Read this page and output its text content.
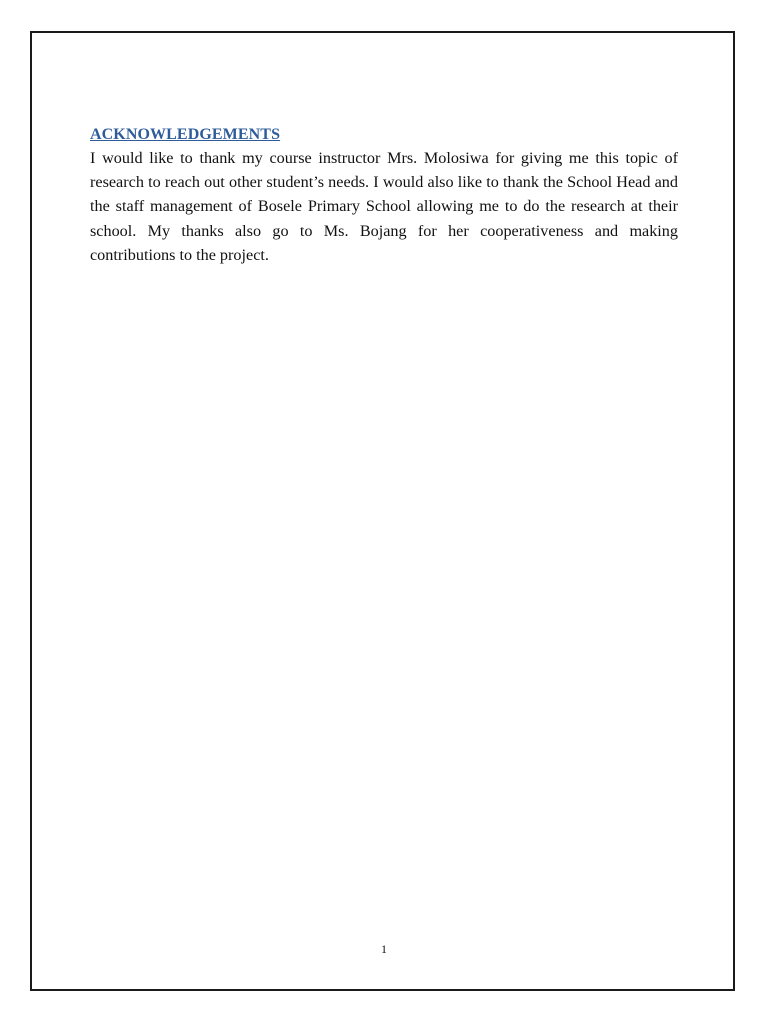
ACKNOWLEDGEMENTS

I would like to thank my course instructor Mrs. Molosiwa for giving me this topic of research to reach out other student’s needs. I would also like to thank the School Head and the staff management of Bosele Primary School allowing me to do the research at their school. My thanks also go to Ms. Bojang for her cooperativeness and making contributions to the project.

1
